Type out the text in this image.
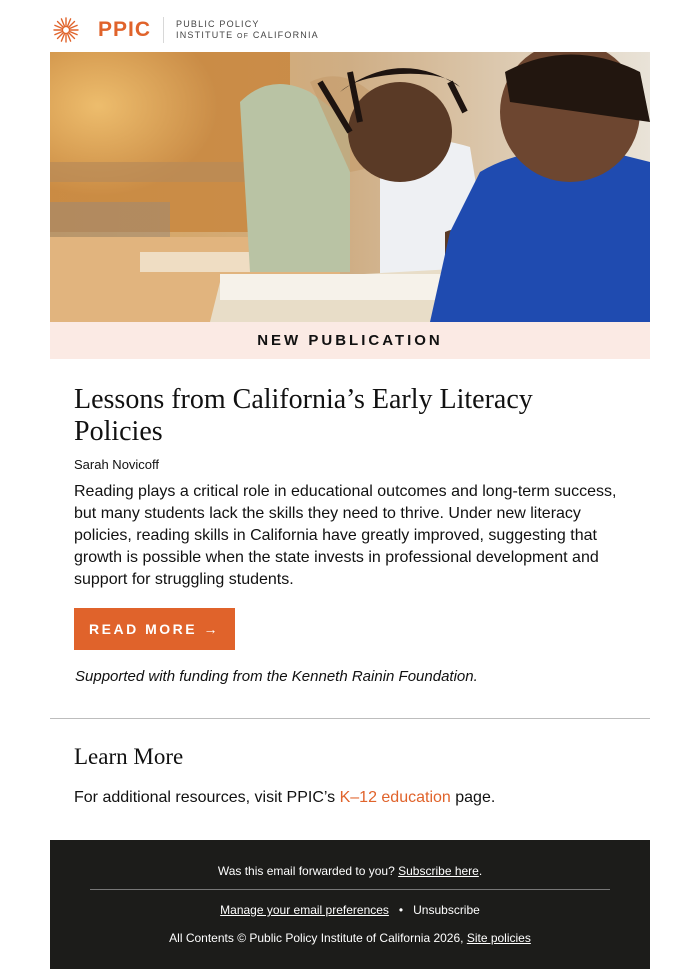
PPIC	PUBLIC POLICY
INSTITUTE OF CALIFORNIA
NEW PUBLICATION
Lessons from California’s Early Literacy Policies
Sarah Novicoff

Reading plays a critical role in educational outcomes and long-term success, but many students lack the skills they need to thrive. Under new literacy policies, reading skills in California have greatly improved, suggesting that growth is possible when the state invests in professional development and support for struggling students.

READ MORE →
Supported with funding from the Kenneth Rainin Foundation.
Learn More
For additional resources, visit PPIC’s K–12 education page.
Was this email forwarded to you? Subscribe here.
Manage your email preferences • Unsubscribe
All Contents © Public Policy Institute of California 2026, Site policies
